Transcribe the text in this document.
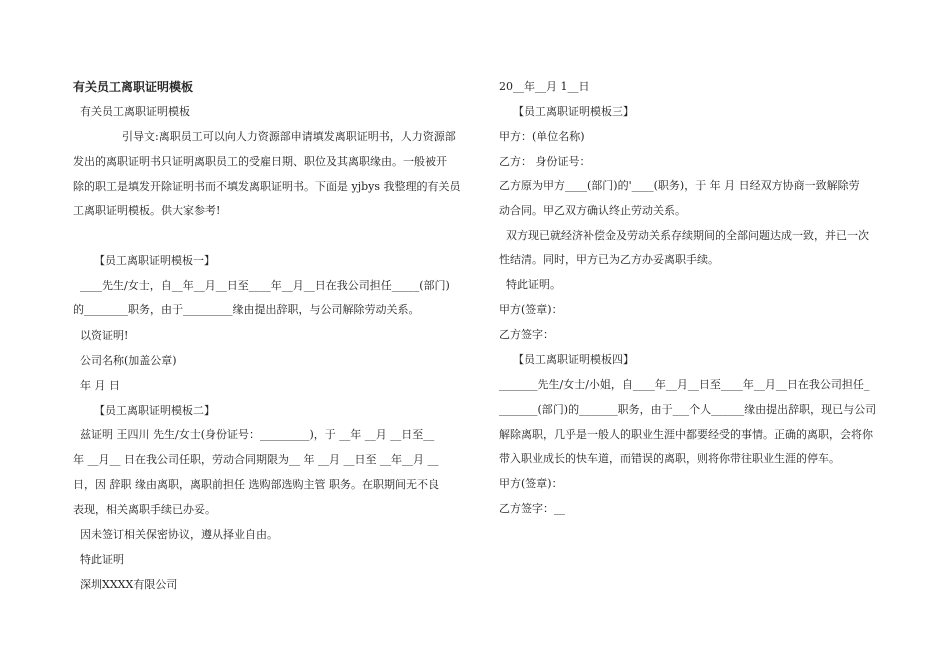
有关员工离职证明模板
有关员工离职证明模板
引导文:离职员工可以向人力资源部申请填发离职证明书，人力资源部
发出的离职证明书只证明离职员工的受雇日期、职位及其离职缘由。一般被开
除的职工是填发开除证明书而不填发离职证明书。下面是 yjbys 我整理的有关员
工离职证明模板。供大家参考!
【员工离职证明模板一】
____先生/女士，自__年__月__日至____年__月__日在我公司担任_____(部门)
的________职务，由于_________缘由提出辞职，与公司解除劳动关系。
以资证明!
公司名称(加盖公章)
年 月 日
【员工离职证明模板二】
兹证明 王四川 先生/女士(身份证号：_________)，于 __年 __月 __日至__
年 __月__ 日在我公司任职，劳动合同期限为__ 年 __月 __日至 __年__月 __
日，因 辞职 缘由离职，离职前担任 选购部选购主管 职务。在职期间无不良
表现，相关离职手续已办妥。
因未签订相关保密协议，遵从择业自由。
特此证明
深圳XXXX有限公司
20__年__月 1__日
【员工离职证明模板三】
甲方：(单位名称)
乙方： 身份证号：
乙方原为甲方____(部门)的'____(职务)，于 年 月 日经双方协商一致解除劳
动合同。甲乙双方确认终止劳动关系。
双方现已就经济补偿金及劳动关系存续期间的全部问题达成一致，并已一次
性结清。同时，甲方已为乙方办妥离职手续。
特此证明。
甲方(签章)：
乙方签字：
【员工离职证明模板四】
_______先生/女士/小姐，自____年__月__日至____年__月__日在我公司担任_
_______(部门)的_______职务，由于___个人______缘由提出辞职，现已与公司
解除离职，几乎是一般人的职业生涯中都要经受的事情。正确的离职，会将你
带入职业成长的快车道，而错误的离职，则将你带往职业生涯的停车。
甲方(签章)：
乙方签字：__
